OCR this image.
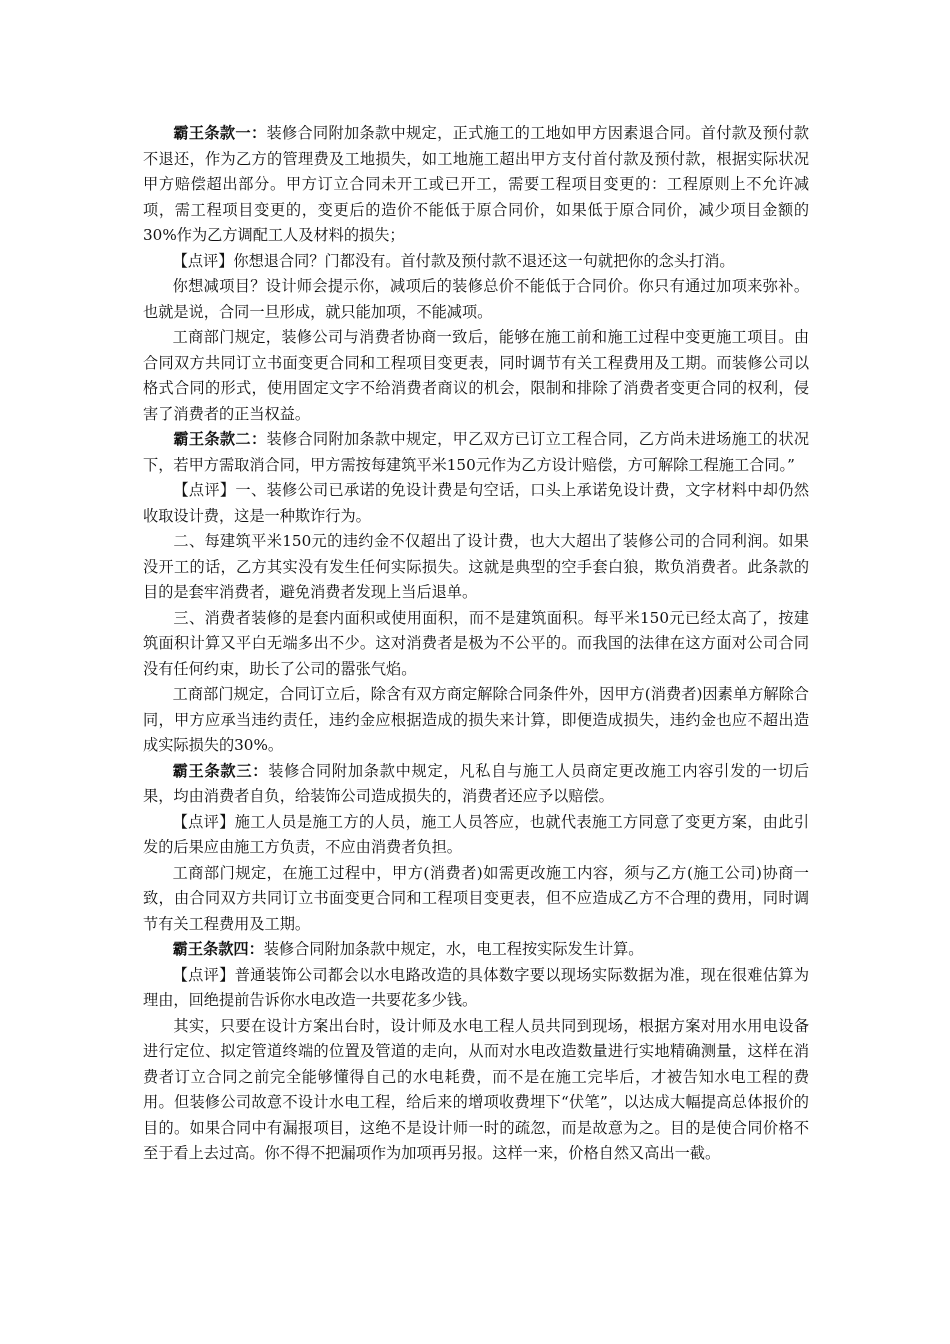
霸王条款一：装修合同附加条款中规定，正式施工的工地如甲方因素退合同。首付款及预付款不退还，作为乙方的管理费及工地损失，如工地施工超出甲方支付首付款及预付款，根据实际状况甲方赔偿超出部分。甲方订立合同未开工或已开工，需要工程项目变更的：工程原则上不允许减项，需工程项目变更的，变更后的造价不能低于原合同价，如果低于原合同价，减少项目金额的30%作为乙方调配工人及材料的损失；

【点评】你想退合同？门都没有。首付款及预付款不退还这一句就把你的念头打消。

你想减项目？设计师会提示你，减项后的装修总价不能低于合同价。你只有通过加项来弥补。也就是说，合同一旦形成，就只能加项，不能减项。

工商部门规定，装修公司与消费者协商一致后，能够在施工前和施工过程中变更施工项目。由合同双方共同订立书面变更合同和工程项目变更表，同时调节有关工程费用及工期。而装修公司以格式合同的形式，使用固定文字不给消费者商议的机会，限制和排除了消费者变更合同的权利，侵害了消费者的正当权益。

霸王条款二：装修合同附加条款中规定，甲乙双方已订立工程合同，乙方尚未进场施工的状况下，若甲方需取消合同，甲方需按每建筑平米150元作为乙方设计赔偿，方可解除工程施工合同。”

【点评】一、装修公司已承诺的免设计费是句空话，口头上承诺免设计费，文字材料中却仍然收取设计费，这是一种欺诈行为。

二、每建筑平米150元的违约金不仅超出了设计费，也大大超出了装修公司的合同利润。如果没开工的话，乙方其实没有发生任何实际损失。这就是典型的空手套白狼，欺负消费者。此条款的目的是套牢消费者，避免消费者发现上当后退单。

三、消费者装修的是套内面积或使用面积，而不是建筑面积。每平米150元已经太高了，按建筑面积计算又平白无端多出不少。这对消费者是极为不公平的。而我国的法律在这方面对公司合同没有任何约束，助长了公司的嚣张气焰。

工商部门规定，合同订立后，除含有双方商定解除合同条件外，因甲方(消费者)因素单方解除合同，甲方应承当违约责任，违约金应根据造成的损失来计算，即便造成损失，违约金也应不超出造成实际损失的30%。

霸王条款三：装修合同附加条款中规定，凡私自与施工人员商定更改施工内容引发的一切后果，均由消费者自负，给装饰公司造成损失的，消费者还应予以赔偿。

【点评】施工人员是施工方的人员，施工人员答应，也就代表施工方同意了变更方案，由此引发的后果应由施工方负责，不应由消费者负担。

工商部门规定，在施工过程中，甲方(消费者)如需更改施工内容，须与乙方(施工公司)协商一致，由合同双方共同订立书面变更合同和工程项目变更表，但不应造成乙方不合理的费用，同时调节有关工程费用及工期。

霸王条款四：装修合同附加条款中规定，水，电工程按实际发生计算。

【点评】普通装饰公司都会以水电路改造的具体数字要以现场实际数据为准，现在很难估算为理由，回绝提前告诉你水电改造一共要花多少钱。

其实，只要在设计方案出台时，设计师及水电工程人员共同到现场，根据方案对用水用电设备进行定位、拟定管道终端的位置及管道的走向，从而对水电改造数量进行实地精确测量，这样在消费者订立合同之前完全能够懂得自己的水电耗费，而不是在施工完毕后，才被告知水电工程的费用。但装修公司故意不设计水电工程，给后来的增项收费埋下“伏笔”，以达成大幅提高总体报价的目的。如果合同中有漏报项目，这绝不是设计师一时的疏忽，而是故意为之。目的是使合同价格不至于看上去过高。你不得不把漏项作为加项再另报。这样一来，价格自然又高出一截。
